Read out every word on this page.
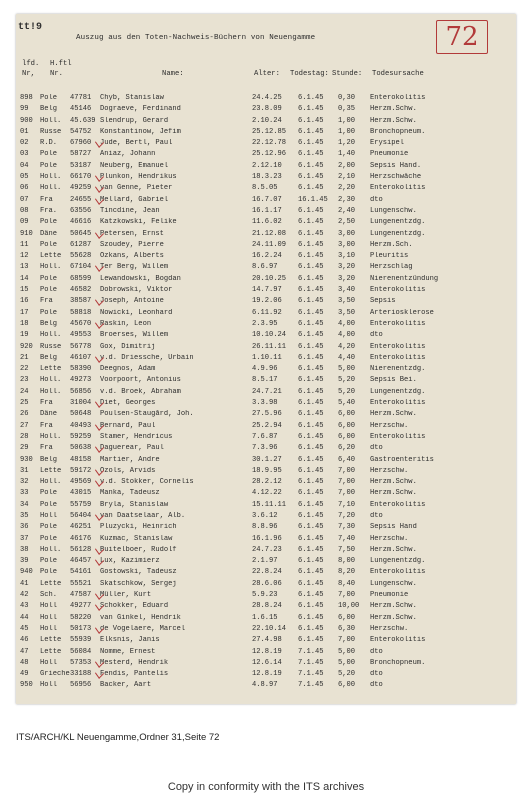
tt!9	72
Auszug aus den Toten-Nachweis-Büchern von Neuengamme
lfd.
Nr,
H.ftl
Nr.	Name:	Alter: Todestag: Stunde: Todesursache
898	Pole	47781	Chyb, Stanislaw	24.4.25	6.1.45	0,30	Enterokolitis
99	Belg	45146	Dograeve, Ferdinand	23.8.09	6.1.45	0,35	Herzm.Schw.
900	Holl.	45.639 Slendrup, Gerard	2.10.24	6.1.45	1,00	Herzm.Schw.
01	Russe	54752	Konstantinow, Jefim	25.12.85	6.1.45	1,00	Bronchopneum.
02	R.D.	67960	Jude, Bertl, Paul	22.12.78	6.1.45	1,20	Erysipel
03	Pole	58727	Aniaz, Johann	25.12.96	6.1.45	1,40	Pneumonie
04	Pole	53187	Neuberg, Emanuel	2.12.10	6.1.45	2,00	Sepsis Hand.
05	Holl.	66170	Plunkon, Hendrikus	18.3.23	6.1.45	2,10	Herzschwäche
06	Holl.	49259	van Genne, Pieter	8.5.05	6.1.45	2,20	Enterokolitis
07	Fra	24655	Mellard, Gabriel	16.7.07	16.1.45	2,30	dto
08	Fra.	63556	Tincdine, Jean	16.1.17	6.1.45	2,40	Lungenschw.
09	Pole	46616	Katzkowski, Felike	11.6.02	6.1.45	2,50	Lungenentzdg.
910	Däne	50645	Petersen, Ernst	21.12.08	6.1.45	3,00	Lungenentzdg.
11	Pole	61287	Szoudey, Pierre	24.11.09	6.1.45	3,00	Herzm.Sch.
12	Lette	55628	Ozkans, Alberts	16.2.24	6.1.45	3,10	Pleuritis
13	Holl.	67104	Ter Berg, Willem	8.6.97	6.1.45	3,20	Herzschlag
14	Pole	68599	Lewandowski, Bogdan	20.10.25	6.1.45	3,20	Nierenentzündung
15	Pole	46582	Dobrowski, Viktor	14.7.97	6.1.45	3,40	Enterokolitis
16	Fra	38587	Joseph, Antoine	19.2.06	6.1.45	3,50	Sepsis
17	Pole	58818	Nowicki, Leonhard	6.11.92	6.1.45	3,50	Arteriosklerose
18	Belg	45670	Raskin, Leon	2.3.95	6.1.45	4,00	Enterokolitis
19	Holl.	49553	Broerses, Willem	10.10.24	6.1.45	4,00	dto
920	Russe	56778	Gox, Dimitrij	26.11.11	6.1.45	4,20	Enterokolitis
21	Belg	46107	v.d. Driessche, Urbain	1.10.11	6.1.45	4,40	Enterokolitis
22	Lette	58390	Deegnos, Adam	4.9.96	6.1.45	5,00	Nierenentzdg.
23	Holl.	49273	Voorpoort, Antonius	8.5.17	6.1.45	5,20	Sepsis Bei.
24	Holl.	56856	v.d. Broek, Abraham	24.7.21	6.1.45	5,20	Lungenentzdg.
25	Fra	31004	Diet, Georges	3.3.98	6.1.45	5,40	Enterokolitis
26	Däne	50648	Poulsen-Staugård, Joh.	27.5.96	6.1.45	6,00	Herzm.Schw.
27	Fra	40493	Bernard, Paul	25.2.94	6.1.45	6,00	Herzschw.
28	Holl.	59259	Stamer, Hendricus	7.6.87	6.1.45	6,00	Enterokolitis
29	Fra	50638	Daguerear, Paul	7.3.96	6.1.45	6,20	dto
930	Belg	48158	Martier, Andre	30.1.27	6.1.45	6,40	Gastroenteritis
31	Lette	59172	Ozols, Arvids	18.9.95	6.1.45	7,00	Herzschw.
32	Holl.	49569	v.d. Stokker, Cornelis	28.2.12	6.1.45	7,00	Herzm.Schw.
33	Pole	43015	Manka, Tadeusz	4.12.22	6.1.45	7,00	Herzm.Schw.
34	Pole	55759	Bryla, Stanislaw	15.11.11	6.1.45	7,10	Enterokolitis
35	Holl	56404	van Daatselaar, Alb.	3.6.12	6.1.45	7,20	dto
36	Pole	46251	Pluzycki, Heinrich	8.8.96	6.1.45	7,30	Sepsis Hand
37	Pole	46176	Kuzmac, Stanislaw	16.1.96	6.1.45	7,40	Herzschw.
38	Holl.	56128	Buitelboer, Rudolf	24.7.23	6.1.45	7,50	Herzm.Schw.
39	Pole	46457	Lux, Kazimierz	2.1.97	6.1.45	8,00	Lungenentzdg.
940	Pole	54161	Gostowski, Tadeusz	22.8.24	6.1.45	8,20	Enterokolitis
41	Lette	55521	Skatschkow, Sergej	28.6.06	6.1.45	8,40	Lungenschw.
42	Sch.	47587	Müller, Kurt	5.9.23	6.1.45	7,00	Pneumonie
43	Holl	49277	Schokker, Eduard	28.8.24	6.1.45	10,00	Herzm.Schw.
44	Holl	58220	van Ginkel, Hendrik	1.6.15	6.1.45	6,00	Herzm.Schw.
45	Holl	50173	de Vogelaere, Marcel	22.10.14	6.1.45	6,30	Herzschw.
46	Lette	55939	Elksnis, Janis	27.4.98	6.1.45	7,00	Enterokolitis
47	Lette	56084	Nomme, Ernest	12.8.19	7.1.45	5,00	dto
48	Holl	57353	Mesterd, Hendrik	12.6.14	7.1.45	5,00	Bronchopneum.
49	Grieche 33188	Fendis, Pantelis	12.8.19	7.1.45	5,20	dto
950	Holl	56956	Backer, Aart	4.8.97	7.1.45	6,00	dto
ITS/ARCH/KL Neuengamme,Ordner 31,Seite 72
Copy in conformity with the ITS archives
